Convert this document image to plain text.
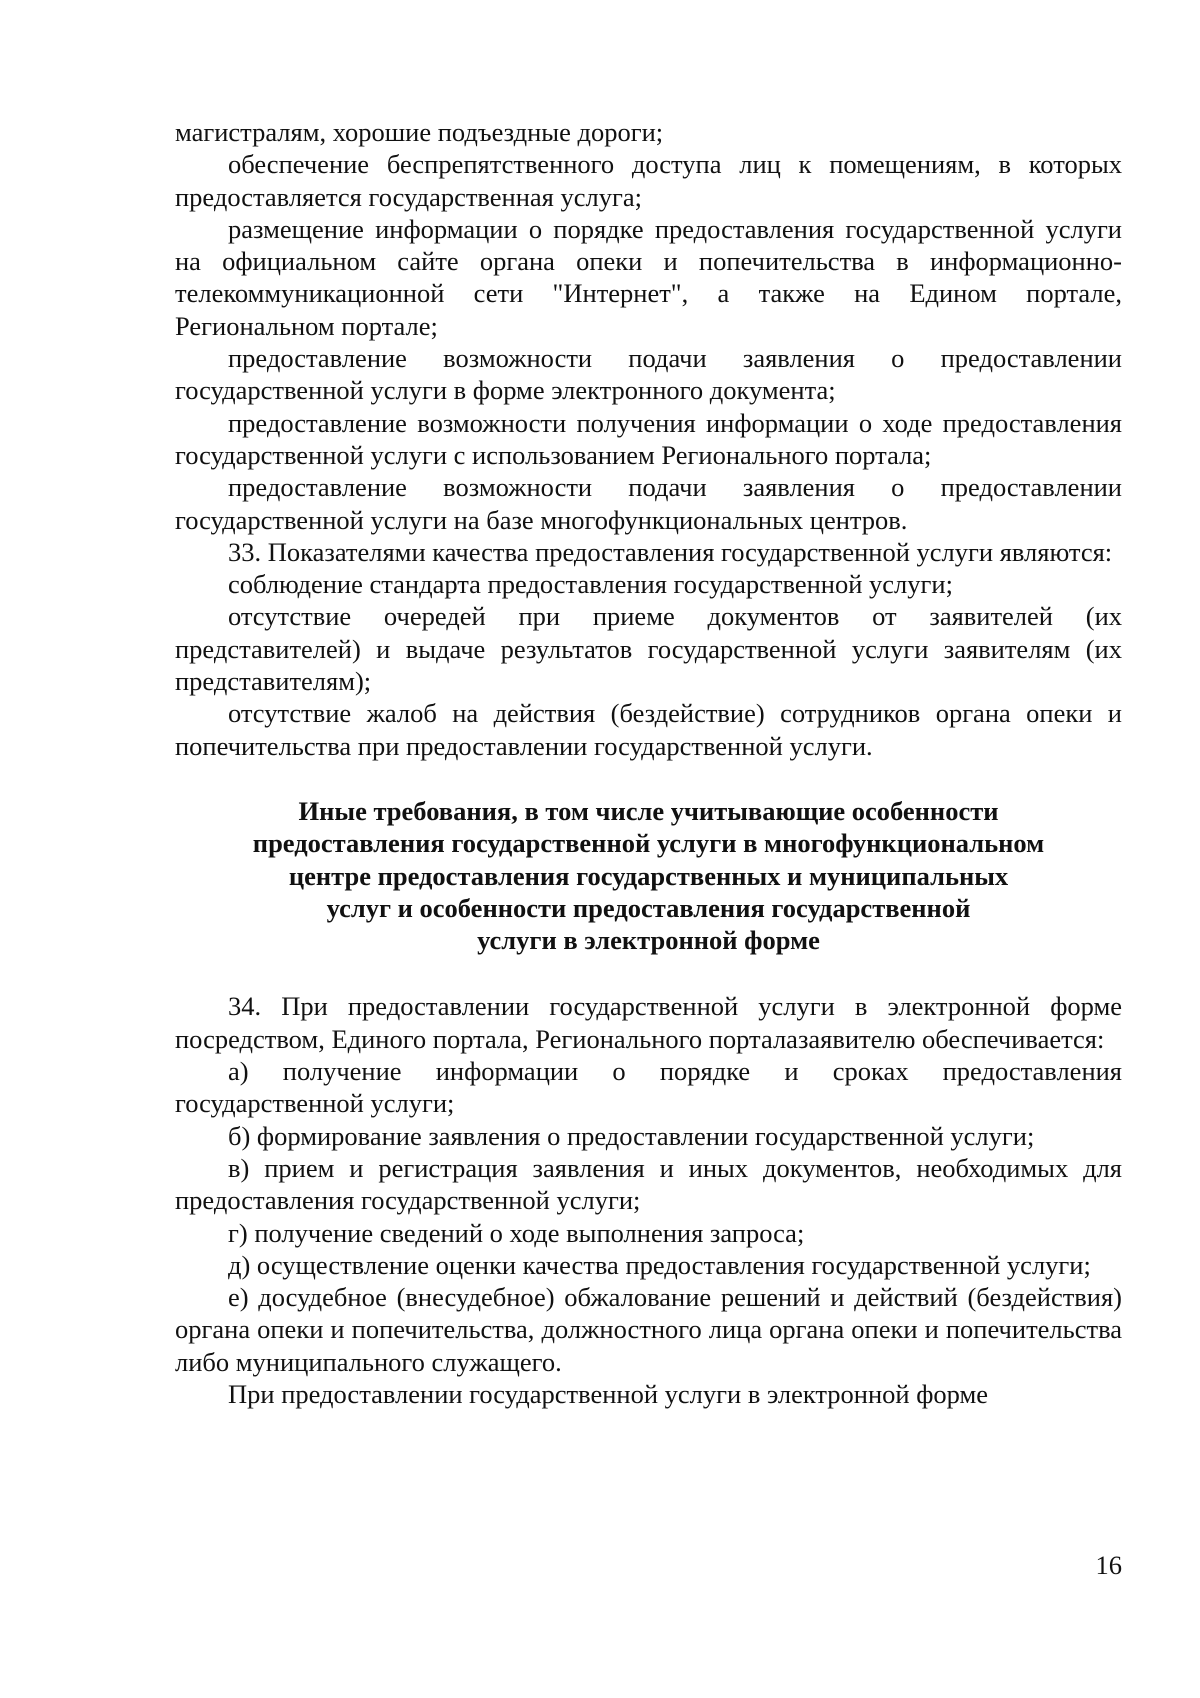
магистралям, хорошие подъездные дороги;

обеспечение беспрепятственного доступа лиц к помещениям, в которых предоставляется государственная услуга;

размещение информации о порядке предоставления государственной услуги на официальном сайте органа опеки и попечительства в информационно-телекоммуникационной сети "Интернет", а также на Едином портале, Региональном портале;

предоставление возможности подачи заявления о предоставлении государственной услуги в форме электронного документа;

предоставление возможности получения информации о ходе предоставления государственной услуги с использованием Регионального портала;

предоставление возможности подачи заявления о предоставлении государственной услуги на базе многофункциональных центров.

33. Показателями качества предоставления государственной услуги являются:

соблюдение стандарта предоставления государственной услуги;

отсутствие очередей при приеме документов от заявителей (их представителей) и выдаче результатов государственной услуги заявителям (их представителям);

отсутствие жалоб на действия (бездействие) сотрудников органа опеки и попечительства при предоставлении государственной услуги.

Иные требования, в том числе учитывающие особенности
предоставления государственной услуги в многофункциональном
центре предоставления государственных и муниципальных
услуг и особенности предоставления государственной
услуги в электронной форме

34. При предоставлении государственной услуги в электронной форме посредством, Единого портала, Регионального порталазаявителю обеспечивается:

а) получение информации о порядке и сроках предоставления государственной услуги;

б) формирование заявления о предоставлении государственной услуги;

в) прием и регистрация заявления и иных документов, необходимых для предоставления государственной услуги;

г) получение сведений о ходе выполнения запроса;

д) осуществление оценки качества предоставления государственной услуги;

е) досудебное (внесудебное) обжалование решений и действий (бездействия) органа опеки и попечительства, должностного лица органа опеки и попечительства либо муниципального служащего.

При предоставлении государственной услуги в электронной форме

16
